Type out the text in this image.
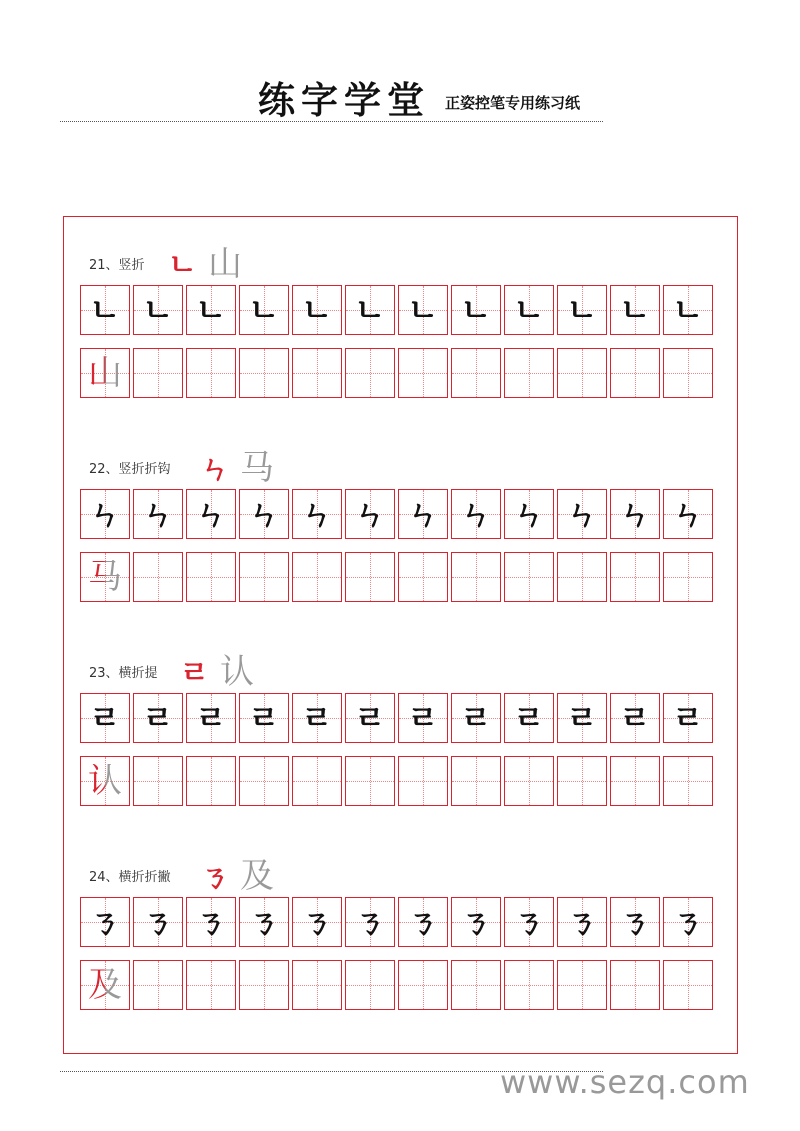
练字学堂 正姿控笔专用练习纸
21、竖折 ㄴ 山
ㄴ ㄴ ㄴ ㄴ ㄴ ㄴ ㄴ ㄴ ㄴ ㄴ ㄴ ㄴ
山
22、竖折折钩 ㄣ 马
ㄣ ㄣ ㄣ ㄣ ㄣ ㄣ ㄣ ㄣ ㄣ ㄣ ㄣ ㄣ
马
23、横折提 ㄹ 认
ㄹ ㄹ ㄹ ㄹ ㄹ ㄹ ㄹ ㄹ ㄹ ㄹ ㄹ ㄹ
认
24、横折折撇 ㄋ 及
ㄋ ㄋ ㄋ ㄋ ㄋ ㄋ ㄋ ㄋ ㄋ ㄋ ㄋ ㄋ
及
www.sezq.com
